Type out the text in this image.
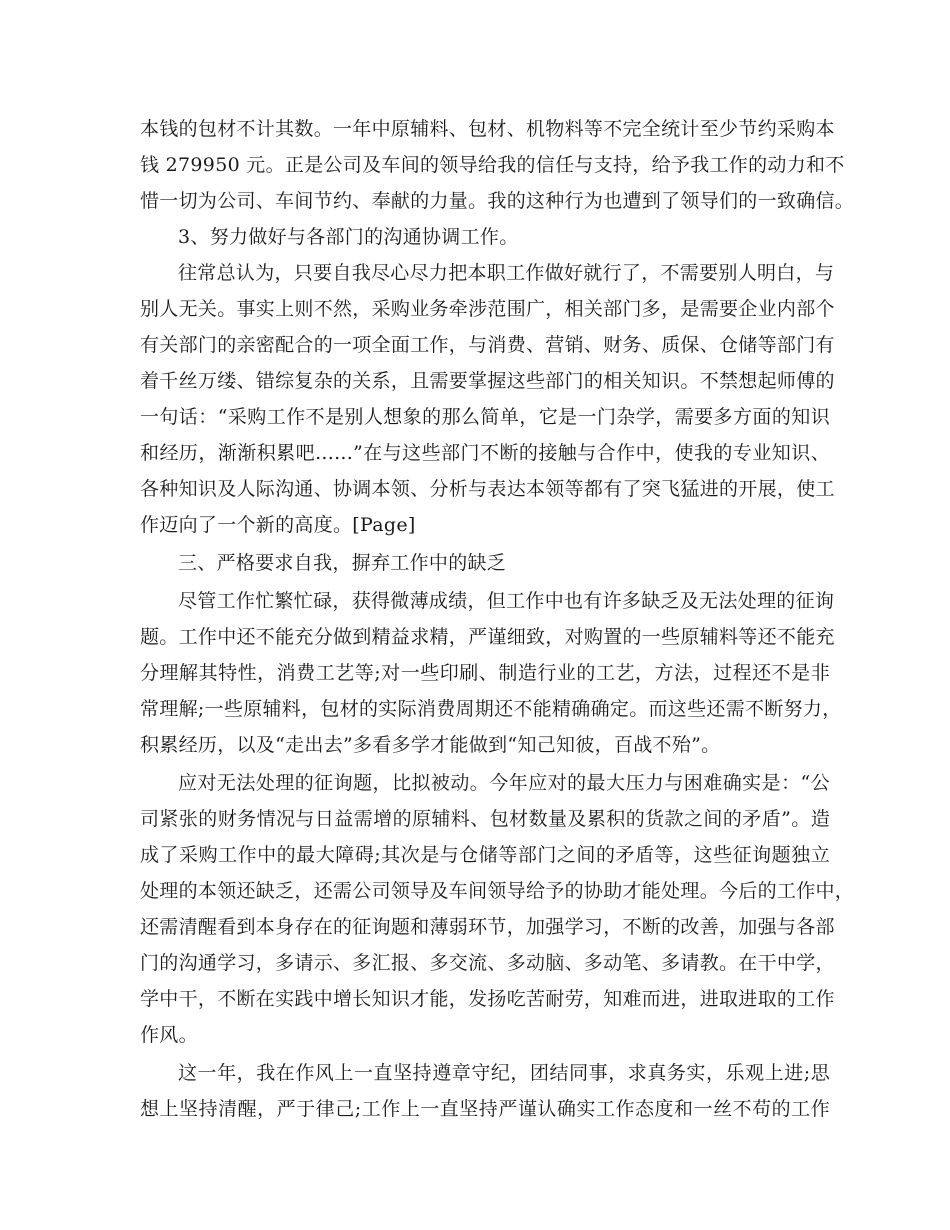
本钱的包材不计其数。一年中原辅料、包材、机物料等不完全统计至少节约采购本
钱 279950 元。正是公司及车间的领导给我的信任与支持，给予我工作的动力和不
惜一切为公司、车间节约、奉献的力量。我的这种行为也遭到了领导们的一致确信。
3、努力做好与各部门的沟通协调工作。
往常总认为，只要自我尽心尽力把本职工作做好就行了，不需要别人明白，与
别人无关。事实上则不然，采购业务牵涉范围广，相关部门多，是需要企业内部个
有关部门的亲密配合的一项全面工作，与消费、营销、财务、质保、仓储等部门有
着千丝万缕、错综复杂的关系，且需要掌握这些部门的相关知识。不禁想起师傅的
一句话：“采购工作不是别人想象的那么简单，它是一门杂学，需要多方面的知识
和经历，渐渐积累吧......”在与这些部门不断的接触与合作中，使我的专业知识、
各种知识及人际沟通、协调本领、分析与表达本领等都有了突飞猛进的开展，使工
作迈向了一个新的高度。[Page]
三、严格要求自我，摒弃工作中的缺乏
尽管工作忙繁忙碌，获得微薄成绩，但工作中也有许多缺乏及无法处理的征询
题。工作中还不能充分做到精益求精，严谨细致，对购置的一些原辅料等还不能充
分理解其特性，消费工艺等;对一些印刷、制造行业的工艺，方法，过程还不是非
常理解;一些原辅料，包材的实际消费周期还不能精确确定。而这些还需不断努力，
积累经历，以及“走出去”多看多学才能做到“知己知彼，百战不殆”。
应对无法处理的征询题，比拟被动。今年应对的最大压力与困难确实是：“公
司紧张的财务情况与日益需增的原辅料、包材数量及累积的货款之间的矛盾”。造
成了采购工作中的最大障碍;其次是与仓储等部门之间的矛盾等，这些征询题独立
处理的本领还缺乏，还需公司领导及车间领导给予的协助才能处理。今后的工作中，
还需清醒看到本身存在的征询题和薄弱环节，加强学习，不断的改善，加强与各部
门的沟通学习，多请示、多汇报、多交流、多动脑、多动笔、多请教。在干中学，
学中干，不断在实践中增长知识才能，发扬吃苦耐劳，知难而进，进取进取的工作
作风。
这一年，我在作风上一直坚持遵章守纪，团结同事，求真务实，乐观上进;思
想上坚持清醒，严于律己;工作上一直坚持严谨认确实工作态度和一丝不苟的工作
